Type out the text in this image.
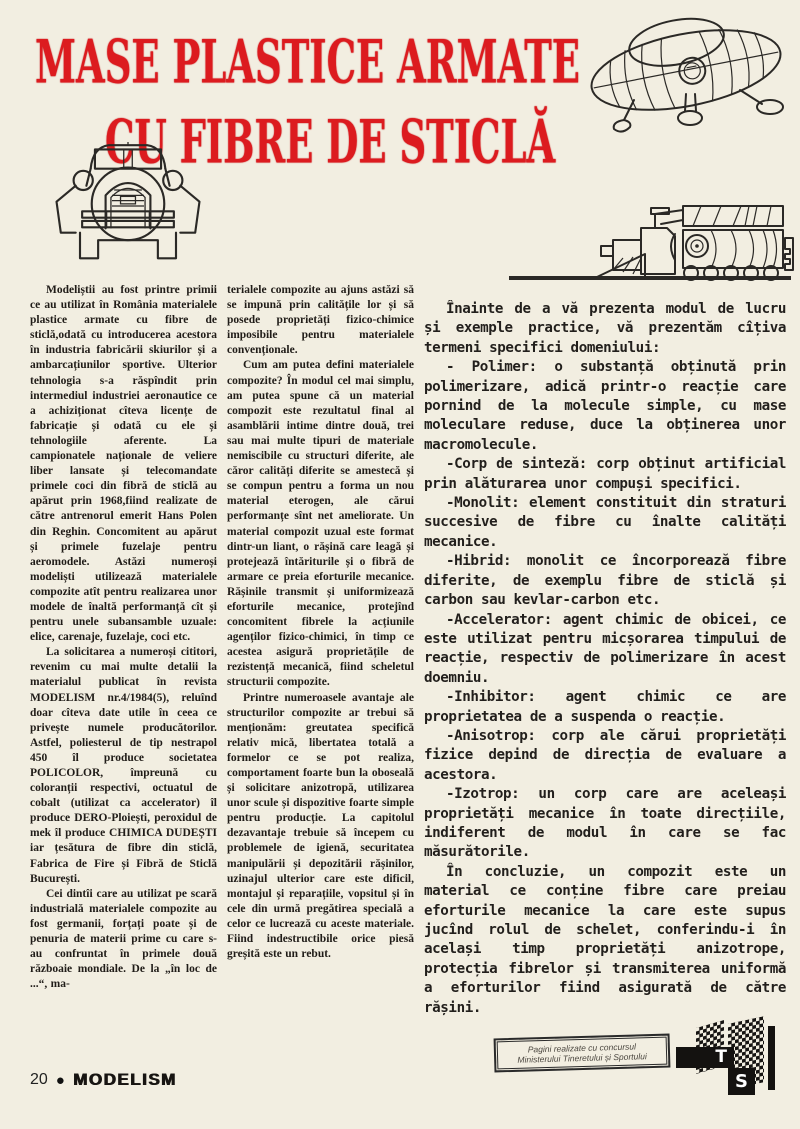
MASE PLASTICE ARMATE
CU FIBRE DE STICLĂ

Modeliștii au fost printre primii ce au utilizat în România materialele plastice armate cu fibre de sticlă,odată cu introducerea acestora în industria fabricării skiurilor și a ambarcațiunilor sportive. Ulterior tehnologia s-a răspîndit prin intermediul industriei aeronautice ce a achiziționat cîteva licențe de fabricație și odată cu ele și tehnologiile aferente. La campionatele naționale de veliere liber lansate și telecomandate primele coci din fibră de sticlă au apărut prin 1968,fiind realizate de către antrenorul emerit Hans Polen din Reghin. Concomitent au apărut și primele fuzelaje pentru aeromodele. Astăzi numeroși modeliști utilizează materialele compozite atît pentru realizarea unor modele de înaltă performanță cît și pentru unele subansamble uzuale: elice, carenaje, fuzelaje, coci etc.

La solicitarea a numeroși cititori, revenim cu mai multe detalii la materialul publicat în revista MODELISM nr.4/1984(5), reluînd doar cîteva date utile în ceea ce privește numele producătorilor. Astfel, poliesterul de tip nestrapol 450 îl produce societatea POLICOLOR, împreună cu coloranții respectivi, octuatul de cobalt (utilizat ca accelerator) îl produce DERO-Ploiești, peroxidul de mek îl produce CHIMICA DUDEȘTI iar țesătura de fibre din sticlă, Fabrica de Fire și Fibră de Sticlă București.

Cei dintîi care au utilizat pe scară industrială materialele compozite au fost germanii, forțați poate și de penuria de materii prime cu care s-au confruntat în primele două războaie mondiale. De la „în loc de ...“, ma-

terialele compozite au ajuns astăzi să se impună prin calitățile lor și să posede proprietăți fizico-chimice imposibile pentru materialele convenționale.

Cum am putea defini materialele compozite? În modul cel mai simplu, am putea spune că un material compozit este rezultatul final al asamblării intime dintre două, trei sau mai multe tipuri de materiale nemiscibile cu structuri diferite, ale căror calități diferite se amestecă și se compun pentru a forma un nou material eterogen, ale cărui performanțe sînt net ameliorate. Un material compozit uzual este format dintr-un liant, o rășină care leagă și protejează întăriturile și o fibră de armare ce preia eforturile mecanice. Rășinile transmit și uniformizează eforturile mecanice, protejînd concomitent fibrele la acțiunile agenților fizico-chimici, în timp ce acestea asigură proprietățile de rezistență mecanică, fiind scheletul structurii compozite.

Printre numeroasele avantaje ale structurilor compozite ar trebui să menționăm: greutatea specifică relativ mică, libertatea totală a formelor ce se pot realiza, comportament foarte bun la oboseală și solicitare anizotropă, utilizarea unor scule și dispozitive foarte simple pentru producție. La capitolul dezavantaje trebuie să începem cu problemele de igienă, securitatea manipulării și depozitării rășinilor, uzinajul ulterior care este dificil, montajul și reparațiile, vopsitul și în cele din urmă pregătirea specială a celor ce lucrează cu aceste materiale. Fiind indestructibile orice piesă greșită este un rebut.

Înainte de a vă prezenta modul de lucru și exemple practice, vă prezentăm cîțiva termeni specifici domeniului:

- Polimer: o substanță obținută prin polimerizare, adică printr-o reacție care pornind de la molecule simple, cu mase moleculare reduse, duce la obținerea unor macromolecule.

-Corp de sinteză: corp obținut artificial prin alăturarea unor compuși specifici.

-Monolit: element constituit din straturi succesive de fibre cu înalte calități mecanice.

-Hibrid: monolit ce încorporează fibre diferite, de exemplu fibre de sticlă și carbon sau kevlar-carbon etc.

-Accelerator: agent chimic de obicei, ce este utilizat pentru micșorarea timpului de reacție, respectiv de polimerizare în acest doemniu.

-Inhibitor: agent chimic ce are proprietatea de a suspenda o reacție.

-Anisotrop: corp ale cărui proprietăți fizice depind de direcția de evaluare a acestora.

-Izotrop: un corp care are aceleași proprietăți mecanice în toate direcțiile, indiferent de modul în care se fac măsurătorile.

În concluzie, un compozit este un material ce conține fibre care preiau eforturile mecanice la care este supus jucînd rolul de schelet, conferindu-i în același timp proprietăți anizotrope, protecția fibrelor și transmiterea uniformă a eforturilor fiind asigurată de către rășini.

20 ● MODELISM
Pagini realizate cu concursul
Ministerului Tineretului și Sportului	T
S
